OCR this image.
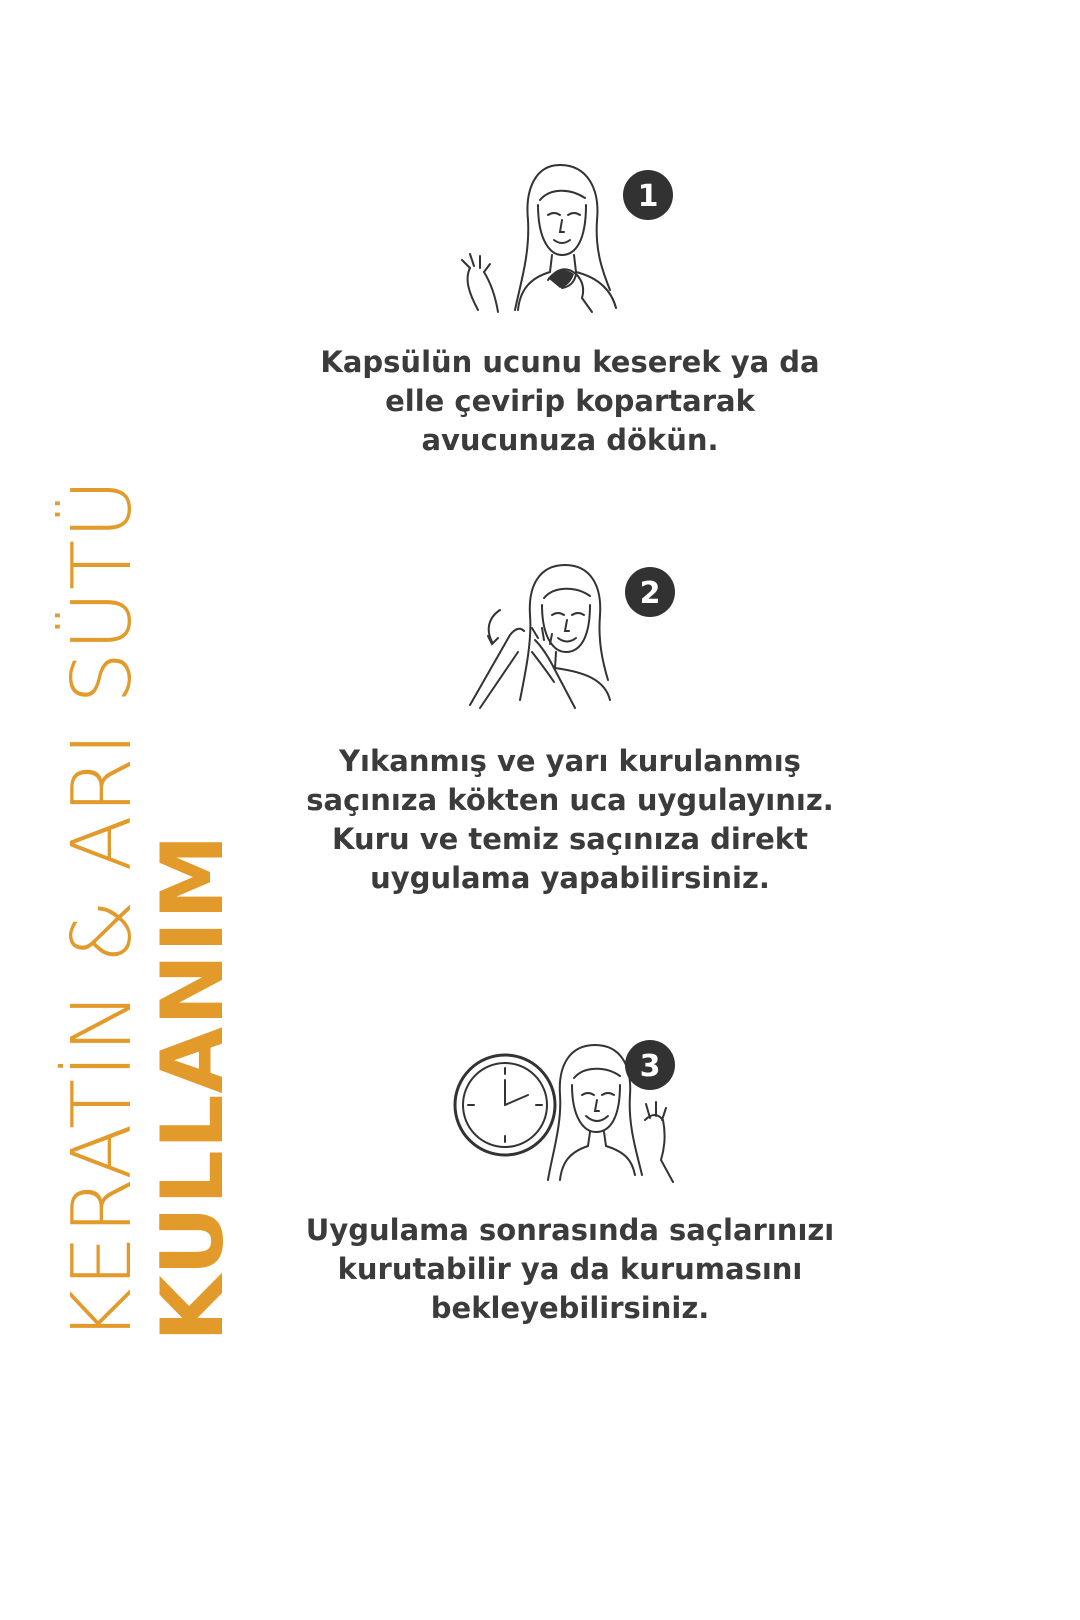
KERATİN & ARI SÜTÜ
KULLANIM
1

Kapsülün ucunu keserek ya da
elle çevirip kopartarak
avucunuza dökün.

2

Yıkanmış ve yarı kurulanmış
saçınıza kökten uca uygulayınız.
Kuru ve temiz saçınıza direkt
uygulama yapabilirsiniz.

3

Uygulama sonrasında saçlarınızı
kurutabilir ya da kurumasını
bekleyebilirsiniz.
